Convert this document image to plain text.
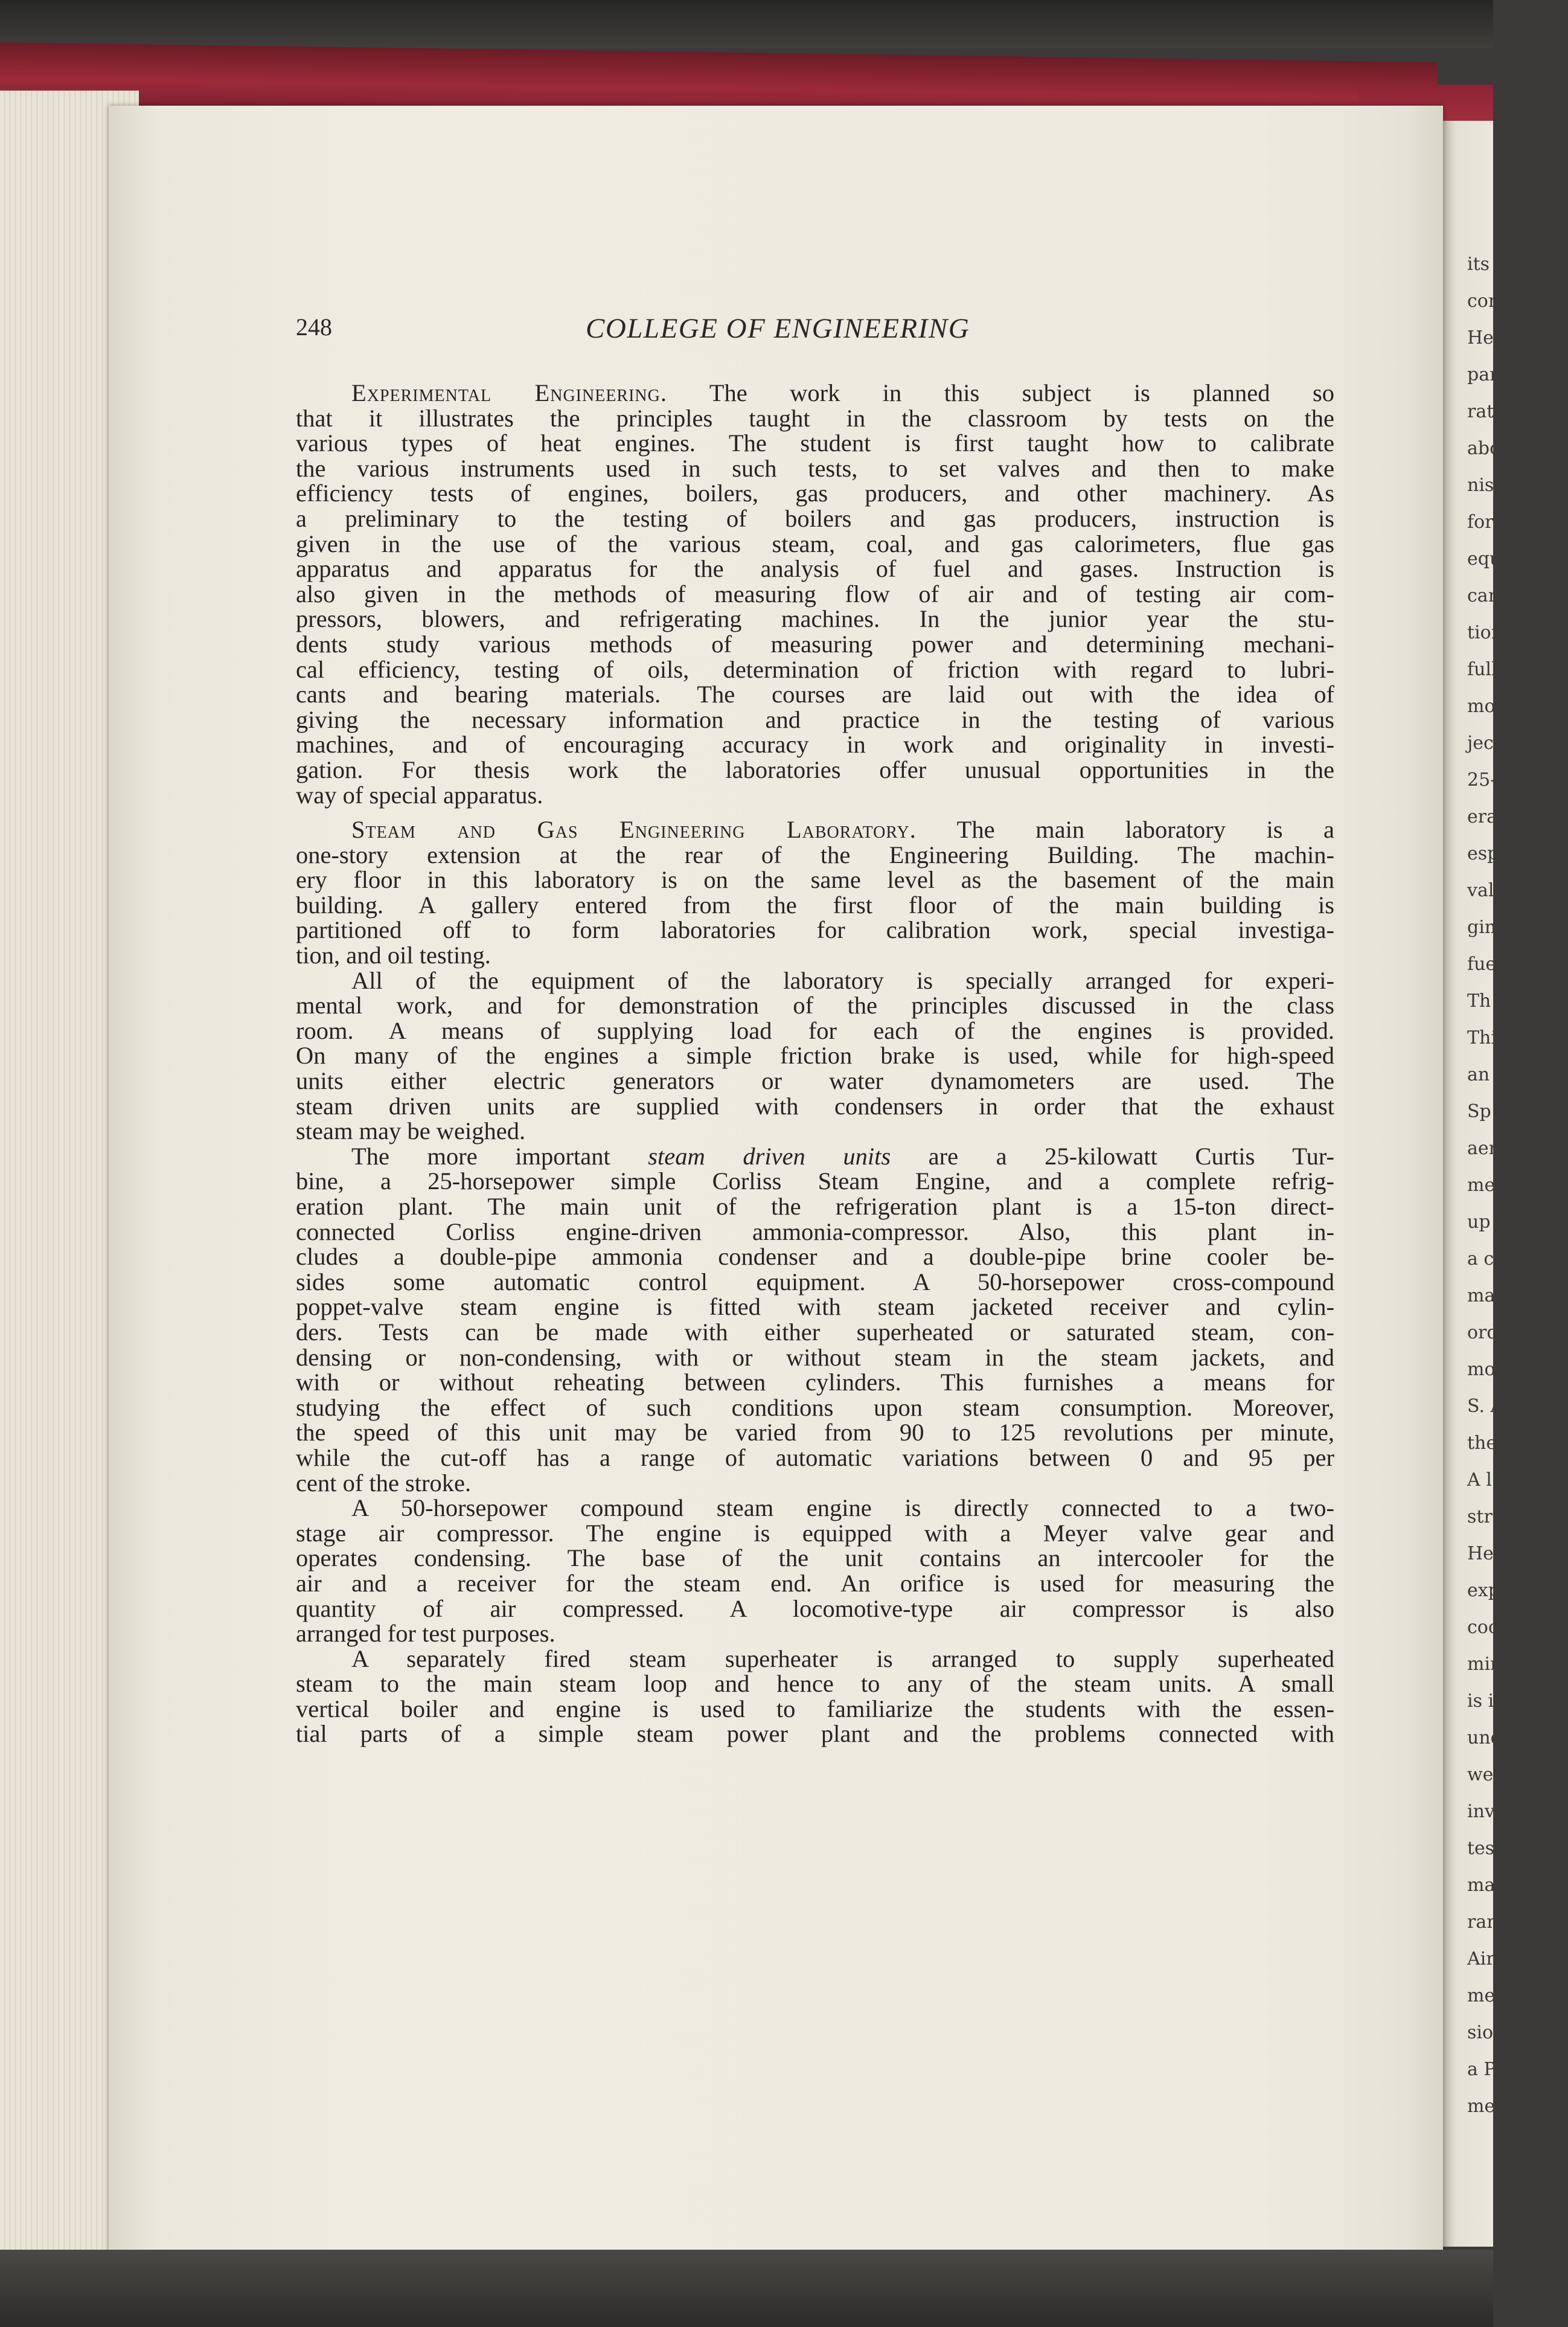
its
com
Hea
par
rato
abov
nish
for
equi
carri
tions
full
mode
jecte
25-ho
erate
especi
valves
gine
fuels
Th
This
an air
Sp
aerople
meter
up to
a calib
many
order t
mobile
S. A. E
the desi
A l
strate t
He
experim
cooling
minator
is install
under v
weather
investigat
test. Th
maintaini
ranged fo
Air m
methods
sion and
a Pitot tu
metering d
248	COLLEGE OF ENGINEERING
Experimental Engineering. The work in this subject is planned so
that it illustrates the principles taught in the classroom by tests on the
various types of heat engines. The student is first taught how to calibrate
the various instruments used in such tests, to set valves and then to make
efficiency tests of engines, boilers, gas producers, and other machinery. As
a preliminary to the testing of boilers and gas producers, instruction is
given in the use of the various steam, coal, and gas calorimeters, flue gas
apparatus and apparatus for the analysis of fuel and gases. Instruction is
also given in the methods of measuring flow of air and of testing air com-
pressors, blowers, and refrigerating machines. In the junior year the stu-
dents study various methods of measuring power and determining mechani-
cal efficiency, testing of oils, determination of friction with regard to lubri-
cants and bearing materials. The courses are laid out with the idea of
giving the necessary information and practice in the testing of various
machines, and of encouraging accuracy in work and originality in investi-
gation. For thesis work the laboratories offer unusual opportunities in the
way of special apparatus.
Steam and Gas Engineering Laboratory. The main laboratory is a
one-story extension at the rear of the Engineering Building. The machin-
ery floor in this laboratory is on the same level as the basement of the main
building. A gallery entered from the first floor of the main building is
partitioned off to form laboratories for calibration work, special investiga-
tion, and oil testing.
All of the equipment of the laboratory is specially arranged for experi-
mental work, and for demonstration of the principles discussed in the class
room. A means of supplying load for each of the engines is provided.
On many of the engines a simple friction brake is used, while for high-speed
units either electric generators or water dynamometers are used. The
steam driven units are supplied with condensers in order that the exhaust
steam may be weighed.
The more important steam driven units are a 25-kilowatt Curtis Tur-
bine, a 25-horsepower simple Corliss Steam Engine, and a complete refrig-
eration plant. The main unit of the refrigeration plant is a 15-ton direct-
connected Corliss engine-driven ammonia-compressor. Also, this plant in-
cludes a double-pipe ammonia condenser and a double-pipe brine cooler be-
sides some automatic control equipment. A 50-horsepower cross-compound
poppet-valve steam engine is fitted with steam jacketed receiver and cylin-
ders. Tests can be made with either superheated or saturated steam, con-
densing or non-condensing, with or without steam in the steam jackets, and
with or without reheating between cylinders. This furnishes a means for
studying the effect of such conditions upon steam consumption. Moreover,
the speed of this unit may be varied from 90 to 125 revolutions per minute,
while the cut-off has a range of automatic variations between 0 and 95 per
cent of the stroke.
A 50-horsepower compound steam engine is directly connected to a two-
stage air compressor. The engine is equipped with a Meyer valve gear and
operates condensing. The base of the unit contains an intercooler for the
air and a receiver for the steam end. An orifice is used for measuring the
quantity of air compressed. A locomotive-type air compressor is also
arranged for test purposes.
A separately fired steam superheater is arranged to supply superheated
steam to the main steam loop and hence to any of the steam units. A small
vertical boiler and engine is used to familiarize the students with the essen-
tial parts of a simple steam power plant and the problems connected with
